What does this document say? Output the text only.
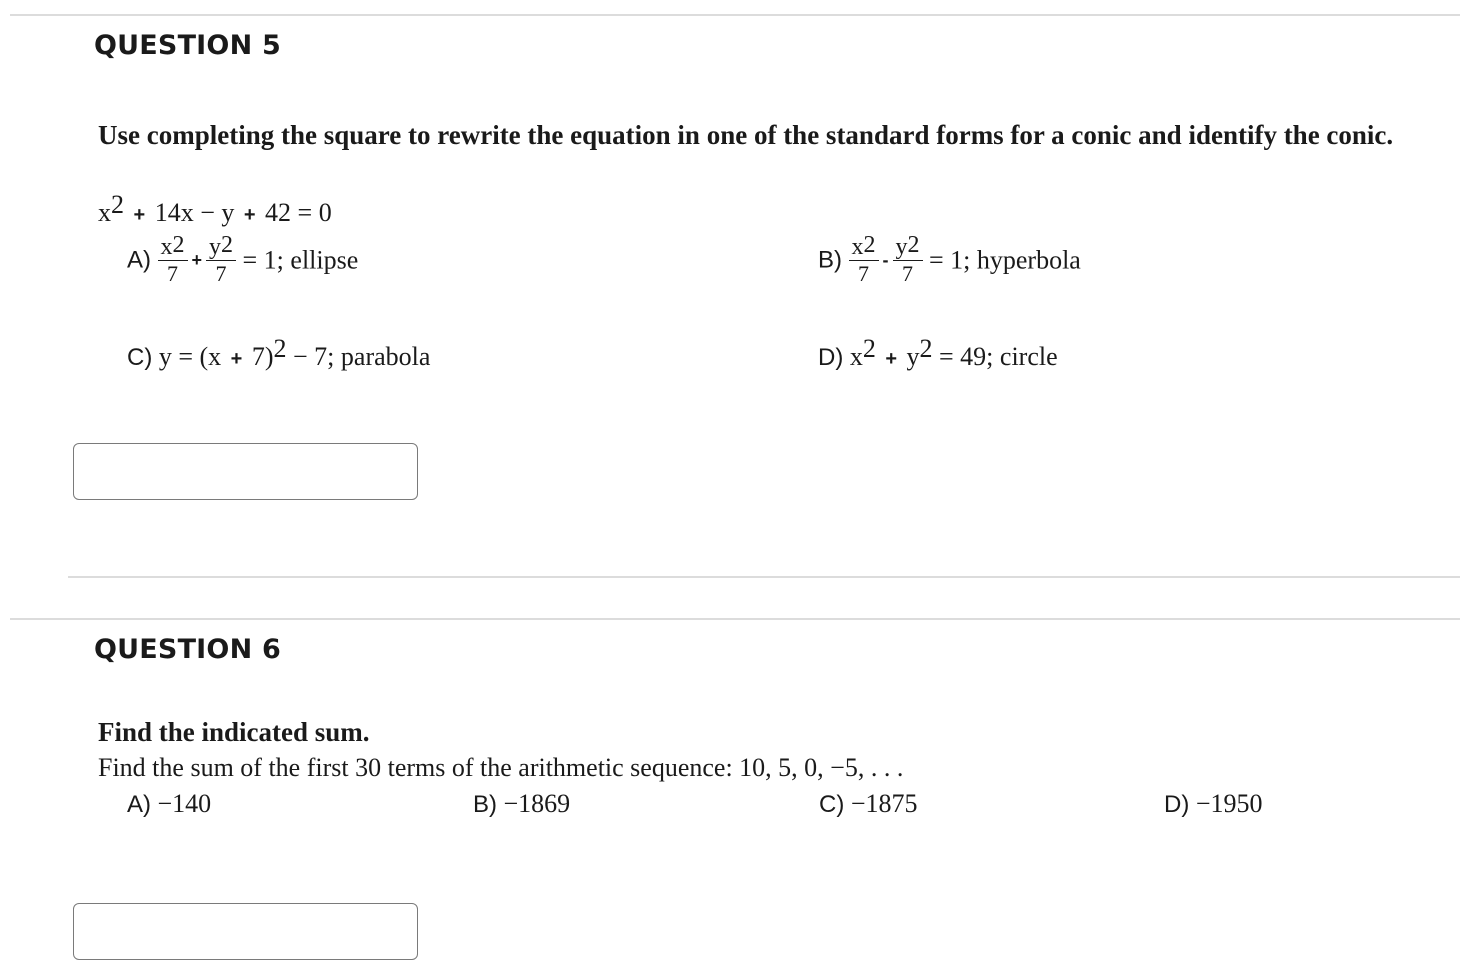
QUESTION 5
Use completing the square to rewrite the equation in one of the standard forms for a conic and identify the conic.
x2 + 14x − y + 42 = 0
$A) \frac{x2}{7} + \frac{y2}{7} = 1$; ellipse	$B) \frac{x2}{7} - \frac{y2}{7} = 1$; hyperbola
C) y = (x + 7)2 − 7; parabola	D) x2 + y2 = 49; circle
QUESTION 6
Find the indicated sum.
Find the sum of the first 30 terms of the arithmetic sequence: 10, 5, 0, −5, . . .
A) −140	B) −1869	C) −1875	D) −1950
